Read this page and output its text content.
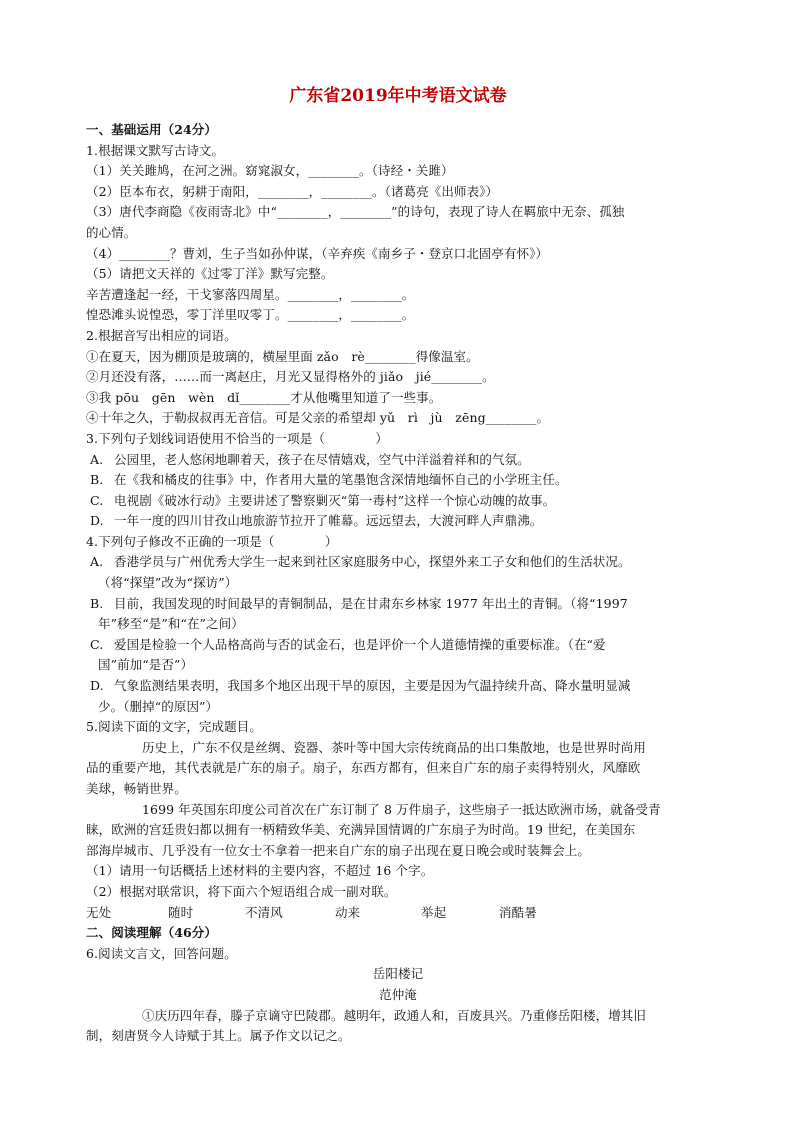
广东省2019年中考语文试卷
一、基础运用（24分）
1.根据课文默写古诗文。
（1）关关雎鸠，在河之洲。窈窕淑女，________。（诗经・关雎）
（2）臣本布衣，躬耕于南阳，________，________。（诸葛亮《出师表》）
（3）唐代李商隐《夜雨寄北》中“________，________”的诗句，表现了诗人在羁旅中无奈、孤独
的心情。
（4）________？曹刘，生子当如孙仲谋，（辛弃疾《南乡子・登京口北固亭有怀》）
（5）请把文天祥的《过零丁洋》默写完整。
辛苦遭逢起一经，干戈寥落四周星。________，________。
惶恐滩头说惶恐，零丁洋里叹零丁。________，________。
2.根据音写出相应的词语。
①在夏天，因为棚顶是玻璃的，横屋里面 zǎo　rè________得像温室。
②月还没有落，……而一离赵庄，月光又显得格外的 jiǎo　jié________。
③我 pōu　gēn　wèn　dǐ________才从他嘴里知道了一些事。
④十年之久，于勒叔叔再无音信。可是父亲的希望却 yǔ　rì　jù　zēng________。
3.下列句子划线词语使用不恰当的一项是（　　　　）
A. 公园里，老人悠闲地聊着天，孩子在尽情嬉戏，空气中洋溢着祥和的气氛。
B. 在《我和橘皮的往事》中，作者用大量的笔墨饱含深情地缅怀自己的小学班主任。
C. 电视剧《破冰行动》主要讲述了警察剿灭“第一毒村”这样一个惊心动魄的故事。
D. 一年一度的四川甘孜山地旅游节拉开了帷幕。远远望去，大渡河畔人声鼎沸。
4.下列句子修改不正确的一项是（　　　　）
A. 香港学员与广州优秀大学生一起来到社区家庭服务中心，探望外来工子女和他们的生活状况。
（将“探望”改为“探访”）
B. 目前，我国发现的时间最早的青铜制品，是在甘肃东乡林家 1977 年出土的青铜。（将“1997
年”移至“是”和“在”之间）
C. 爱国是检验一个人品格高尚与否的试金石，也是评价一个人道德情操的重要标准。（在“爱
国”前加“是否”）
D. 气象监测结果表明，我国多个地区出现干旱的原因，主要是因为气温持续升高、降水量明显减
少。（删掉“的原因”）
5.阅读下面的文字，完成题目。
历史上，广东不仅是丝绸、瓷器、茶叶等中国大宗传统商品的出口集散地，也是世界时尚用
品的重要产地，其代表就是广东的扇子。扇子，东西方都有，但来自广东的扇子卖得特别火，风靡欧
美球，畅销世界。
1699 年英国东印度公司首次在广东订制了 8 万件扇子，这些扇子一抵达欧洲市场，就备受青
睐，欧洲的宫廷贵妇都以拥有一柄精致华美、充满异国情调的广东扇子为时尚。19 世纪，在美国东
部海岸城市、几乎没有一位女士不拿着一把来自广东的扇子出现在夏日晚会或时装舞会上。
（1）请用一句话概括上述材料的主要内容，不超过 16 个字。
（2）根据对联常识，将下面六个短语组合成一副对联。
无处	随时	不清风	动来	举起	消酷暑
二、阅读理解（46分）
6.阅读文言文，回答问题。
岳阳楼记
范仲淹
①庆历四年春，滕子京谪守巴陵郡。越明年，政通人和，百废具兴。乃重修岳阳楼，增其旧
制，刻唐贤今人诗赋于其上。属予作文以记之。
